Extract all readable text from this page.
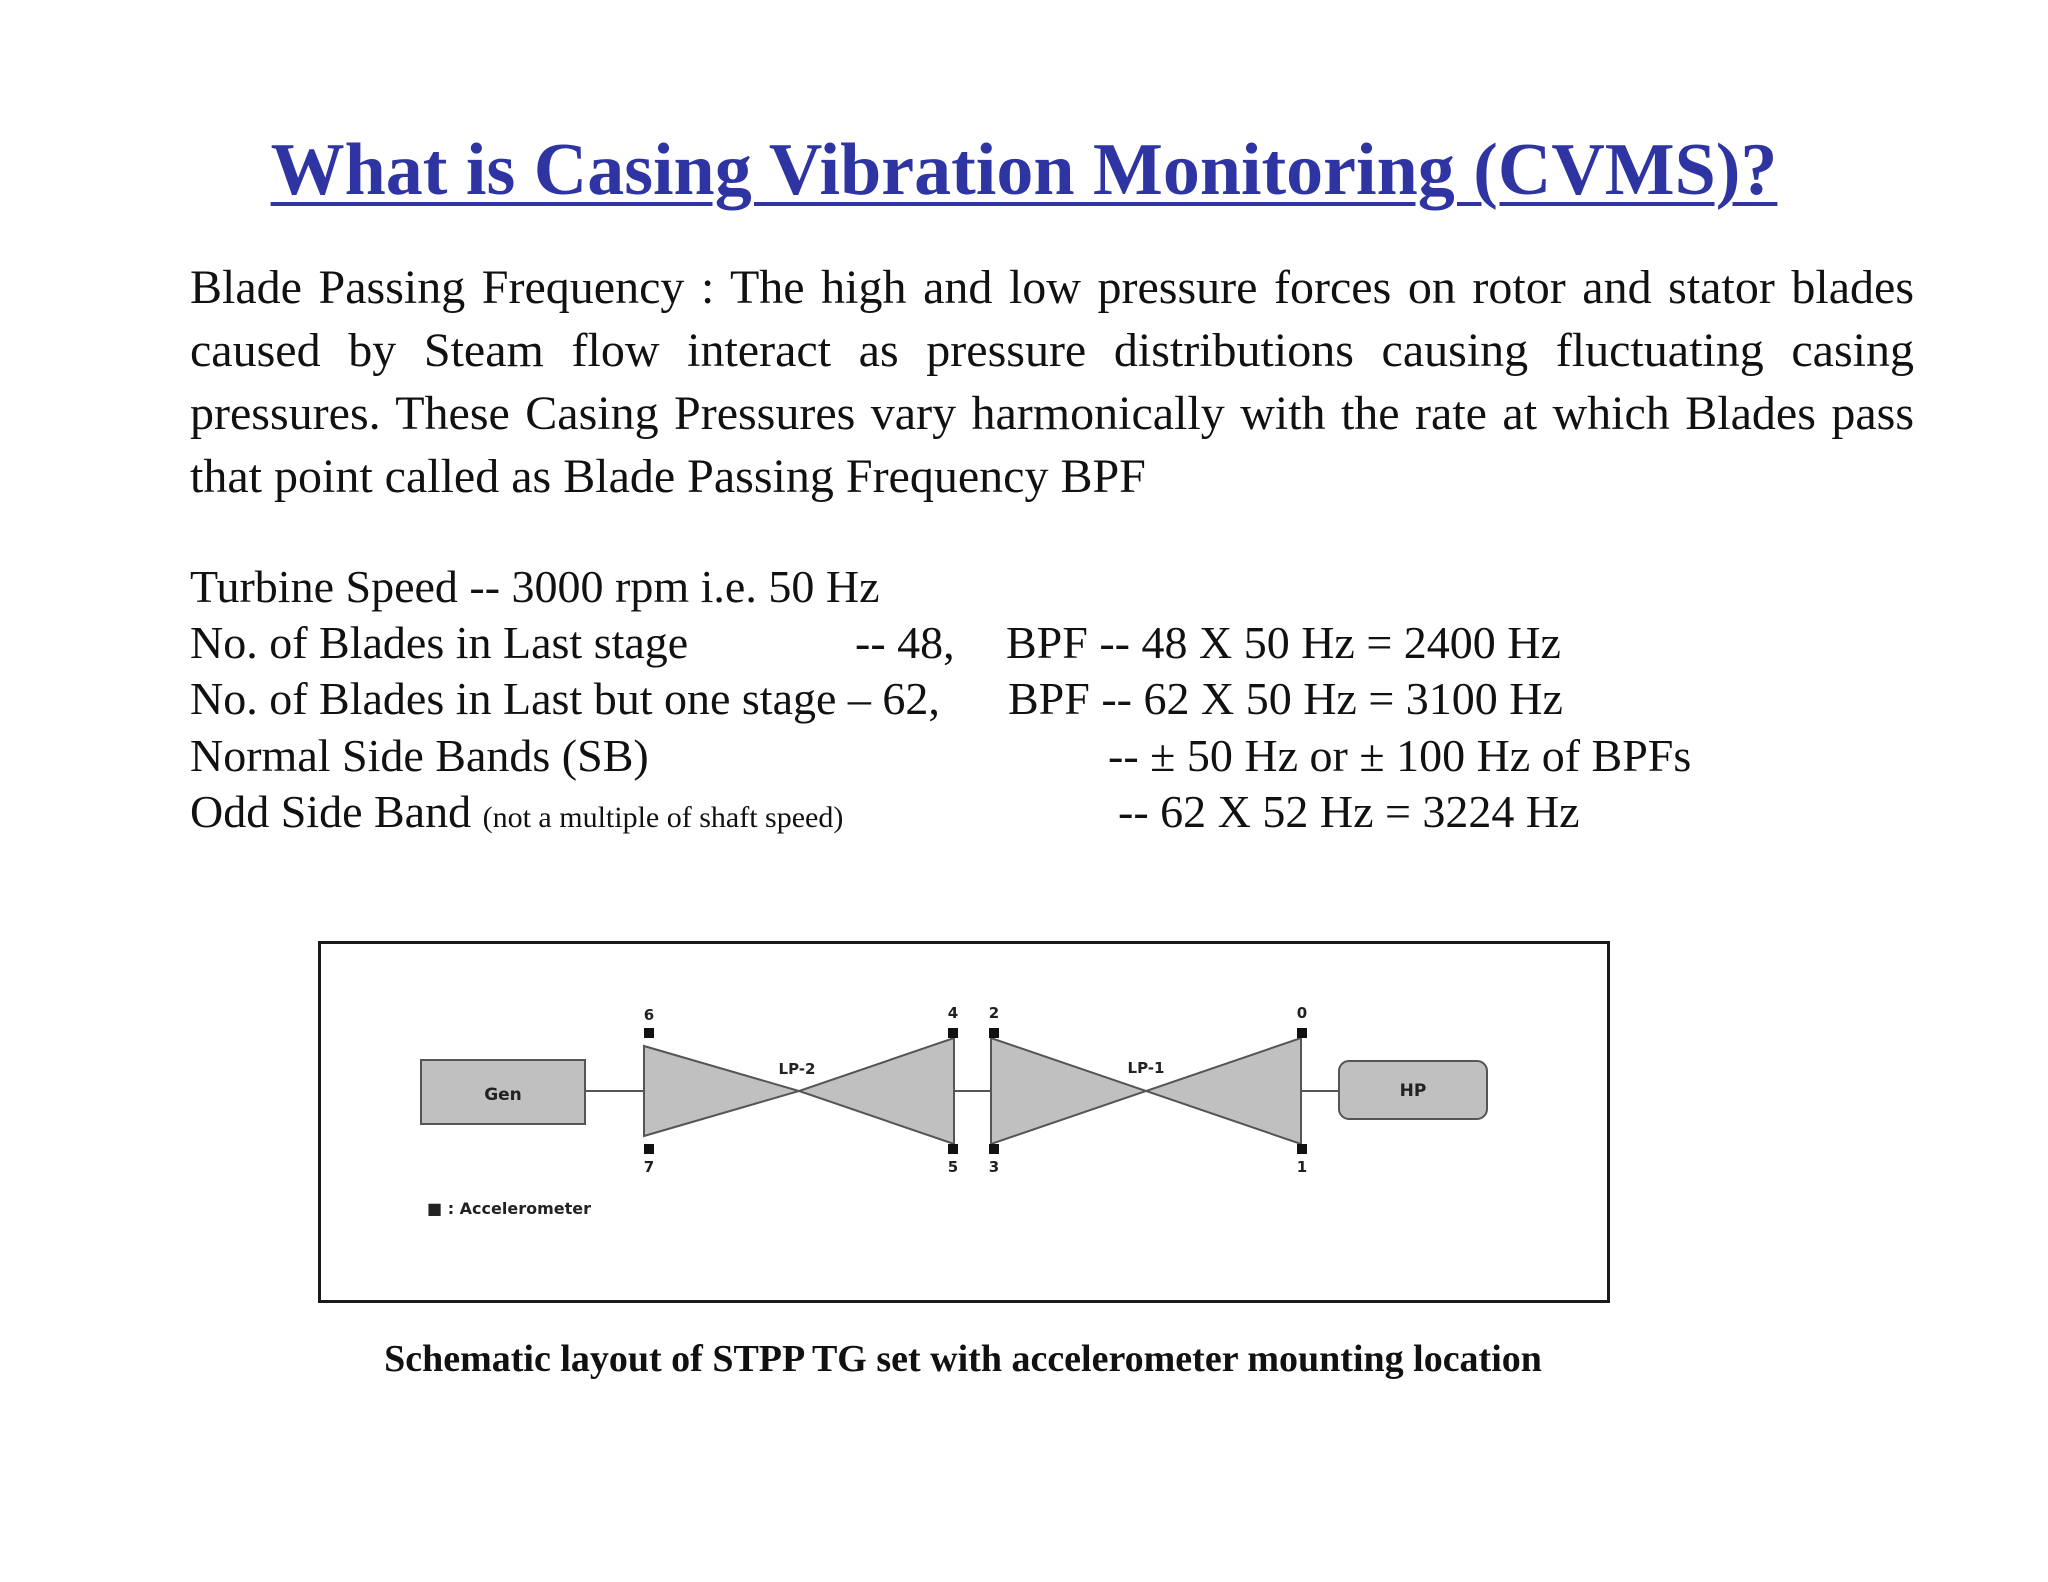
What is Casing Vibration Monitoring (CVMS)?

Blade Passing Frequency : The high and low pressure forces on rotor and stator blades caused by Steam flow interact as pressure distributions causing fluctuating casing pressures. These Casing Pressures vary harmonically with the rate at which Blades pass that point called as Blade Passing Frequency BPF

Turbine Speed -- 3000 rpm i.e. 50 Hz
No. of Blades in Last stage	-- 48, BPF -- 48 X 50 Hz = 2400 Hz
No. of Blades in Last but one stage – 62, BPF -- 62 X 50 Hz = 3100 Hz
Normal Side Bands (SB)	-- ± 50 Hz or ± 100 Hz of BPFs
Odd Side Band (not a multiple of shaft speed)	-- 62 X 52 Hz = 3224 Hz
Gen
LP-2	LP-1
HP
6
7
4
5
2
3
0
1
■ : Accelerometer

Schematic layout of STPP TG set with accelerometer mounting location
